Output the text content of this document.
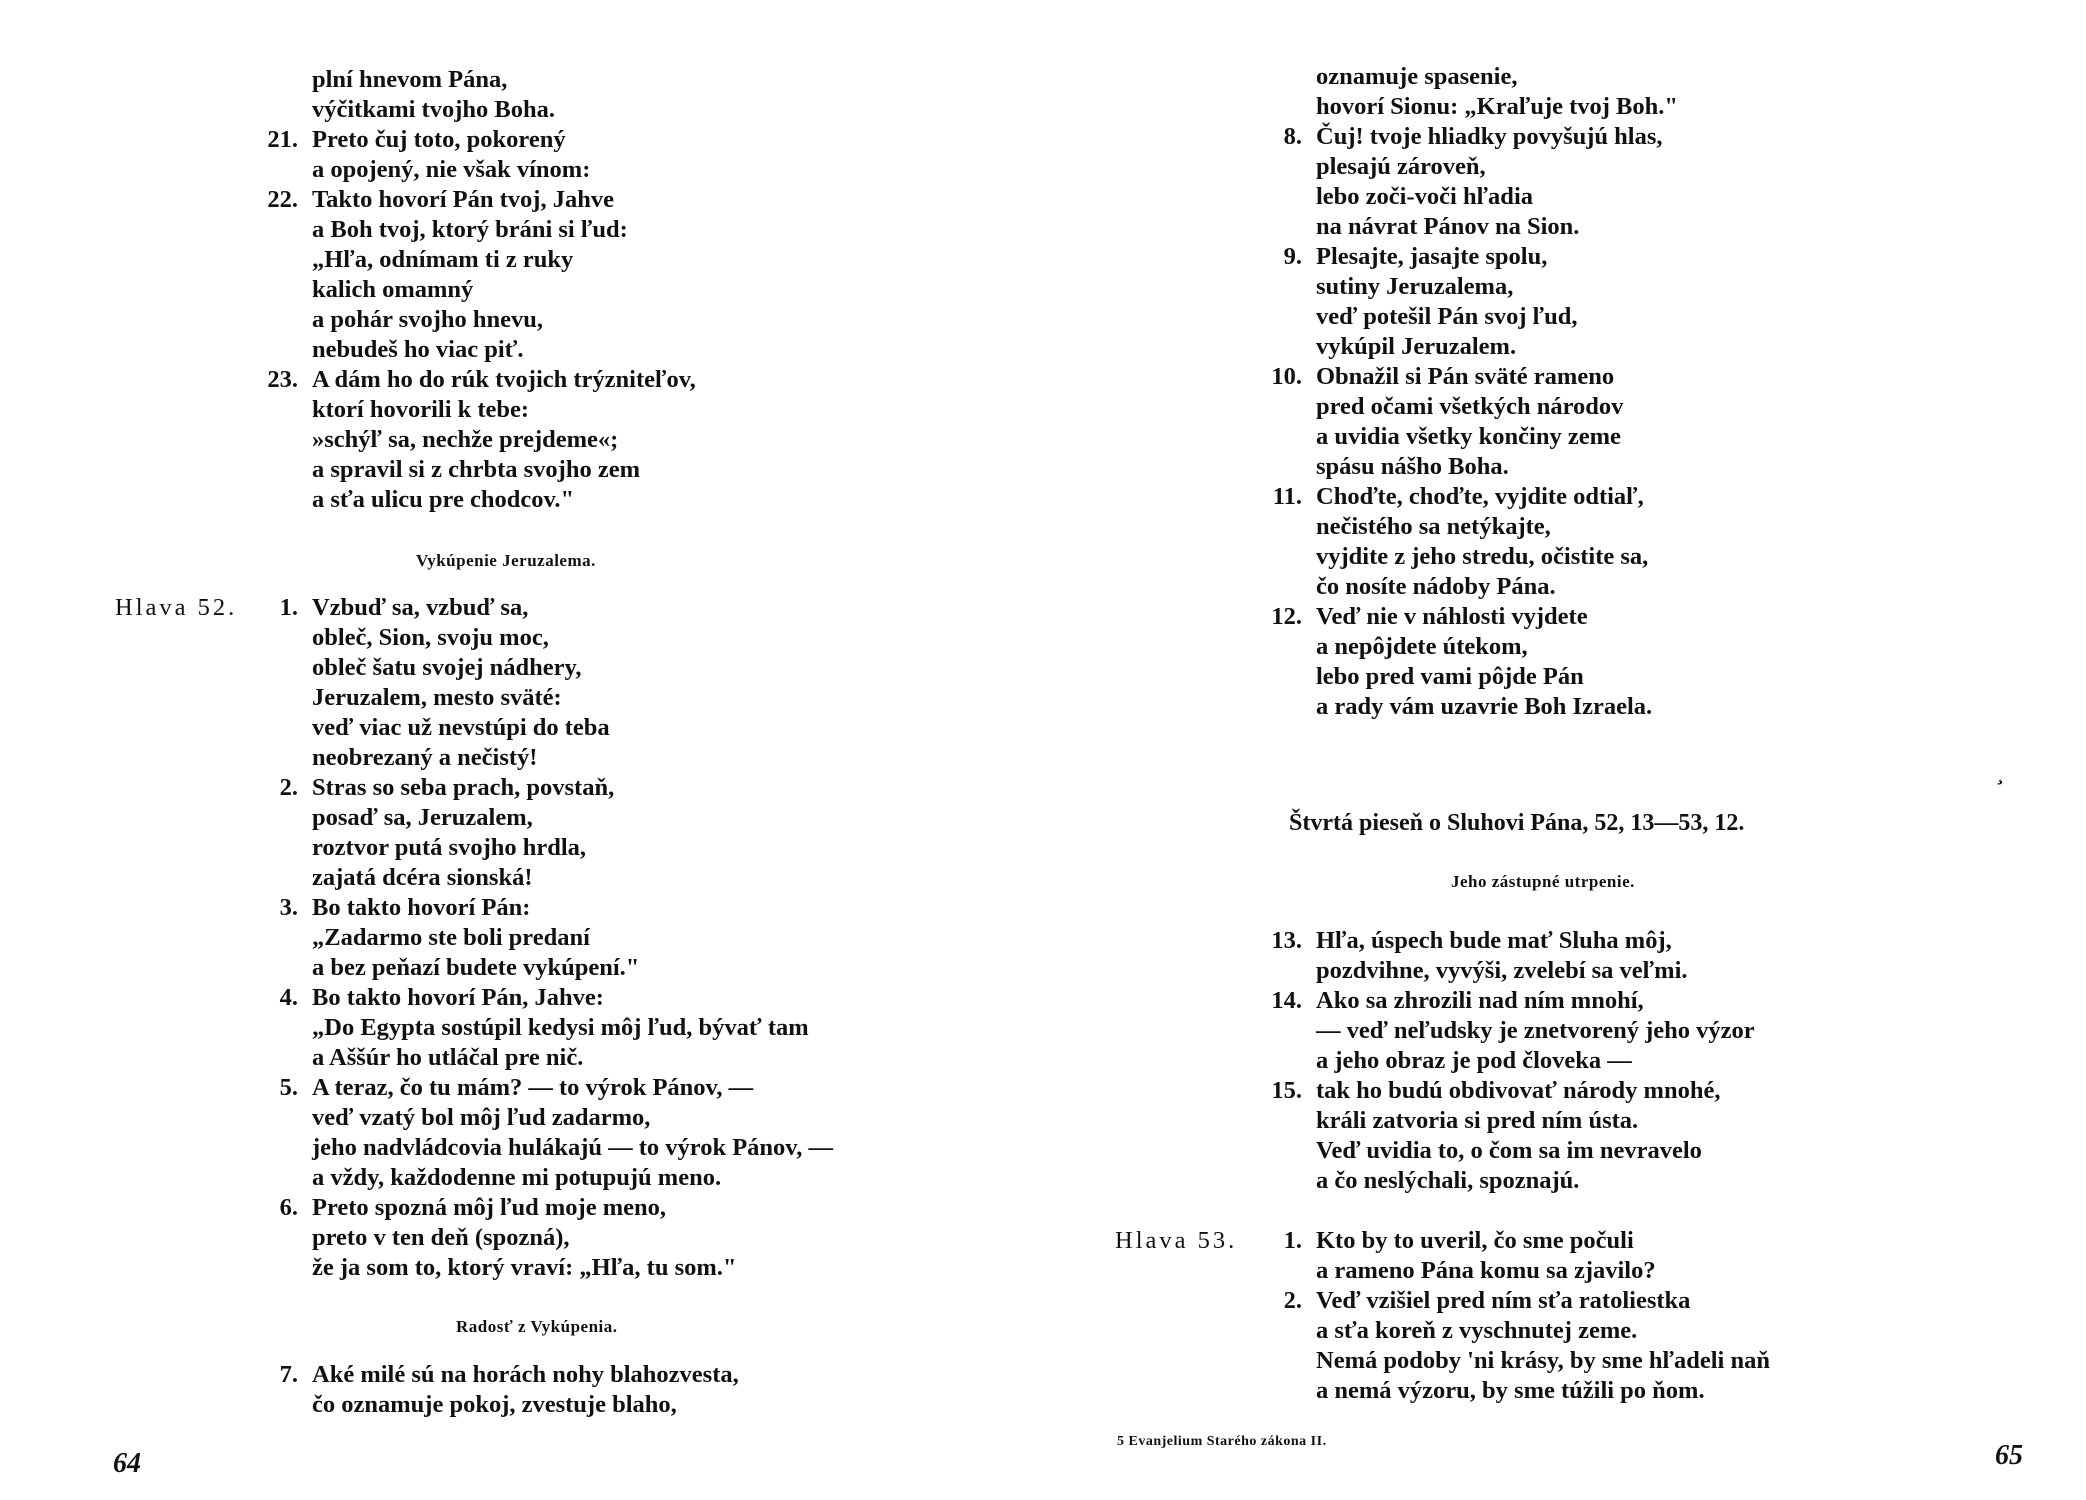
plní hnevom Pána,
výčitkami tvojho Boha.
21. Preto čuj toto, pokorený
a opojený, nie však vínom:
22. Takto hovorí Pán tvoj, Jahve
a Boh tvoj, ktorý bráni si ľud:
„Hľa, odnímam ti z ruky
kalich omamný
a pohár svojho hnevu,
nebudeš ho viac piť.
23. A dám ho do rúk tvojich trýzniteľov,
ktorí hovorili k tebe:
»schýľ sa, nechže prejdeme«;
a spravil si z chrbta svojho zem
a sťa ulicu pre chodcov."
Vykúpenie Jeruzalema.
Hlava 52.	1. Vzbuď sa, vzbuď sa,
obleč, Sion, svoju moc,
obleč šatu svojej nádhery,
Jeruzalem, mesto sväté:
veď viac už nevstúpi do teba
neobrezaný a nečistý!
2. Stras so seba prach, povstaň,
posaď sa, Jeruzalem,
roztvor putá svojho hrdla,
zajatá dcéra sionská!
3. Bo takto hovorí Pán:
„Zadarmo ste boli predaní
a bez peňazí budete vykúpení."
4. Bo takto hovorí Pán, Jahve:
„Do Egypta sostúpil kedysi môj ľud, bývať tam
a Aššúr ho utláčal pre nič.
5. A teraz, čo tu mám? — to výrok Pánov, —
veď vzatý bol môj ľud zadarmo,
jeho nadvládcovia hulákajú — to výrok Pánov, —
a vždy, každodenne mi potupujú meno.
6. Preto spozná môj ľud moje meno,
preto v ten deň (spozná),
že ja som to, ktorý vraví: „Hľa, tu som."
Radosť z Vykúpenia.
7. Aké milé sú na horách nohy blahozvesta,
čo oznamuje pokoj, zvestuje blaho,
64
oznamuje spasenie,
hovorí Sionu: „Kraľuje tvoj Boh."
8. Čuj! tvoje hliadky povyšujú hlas,
plesajú zároveň,
lebo zoči-voči hľadia
na návrat Pánov na Sion.
9. Plesajte, jasajte spolu,
sutiny Jeruzalema,
veď potešil Pán svoj ľud,
vykúpil Jeruzalem.
10. Obnažil si Pán sväté rameno
pred očami všetkých národov
a uvidia všetky končiny zeme
spásu nášho Boha.
11. Choďte, choďte, vyjdite odtiaľ,
nečistého sa netýkajte,
vyjdite z jeho stredu, očistite sa,
čo nosíte nádoby Pána.
12. Veď nie v náhlosti vyjdete
a nepôjdete útekom,
lebo pred vami pôjde Pán
a rady vám uzavrie Boh Izraela.
Štvrtá pieseň o Sluhovi Pána, 52, 13—53, 12.
Jeho zástupné utrpenie.
13. Hľa, úspech bude mať Sluha môj,
pozdvihne, vyvýši, zvelebí sa veľmi.
14. Ako sa zhrozili nad ním mnohí,
— veď neľudsky je znetvorený jeho výzor
a jeho obraz je pod človeka —
15. tak ho budú obdivovať národy mnohé,
králi zatvoria si pred ním ústa.
Veď uvidia to, o čom sa im nevravelo
a čo neslýchali, spoznajú.
Hlava 53.	1. Kto by to uveril, čo sme počuli
a rameno Pána komu sa zjavilo?
2. Veď vzišiel pred ním sťa ratoliestka
a sťa koreň z vyschnutej zeme.
Nemá podoby 'ni krásy, by sme hľadeli naň
a nemá výzoru, by sme túžili po ňom.
5 Evanjelium Starého zákona II.	65
¸
